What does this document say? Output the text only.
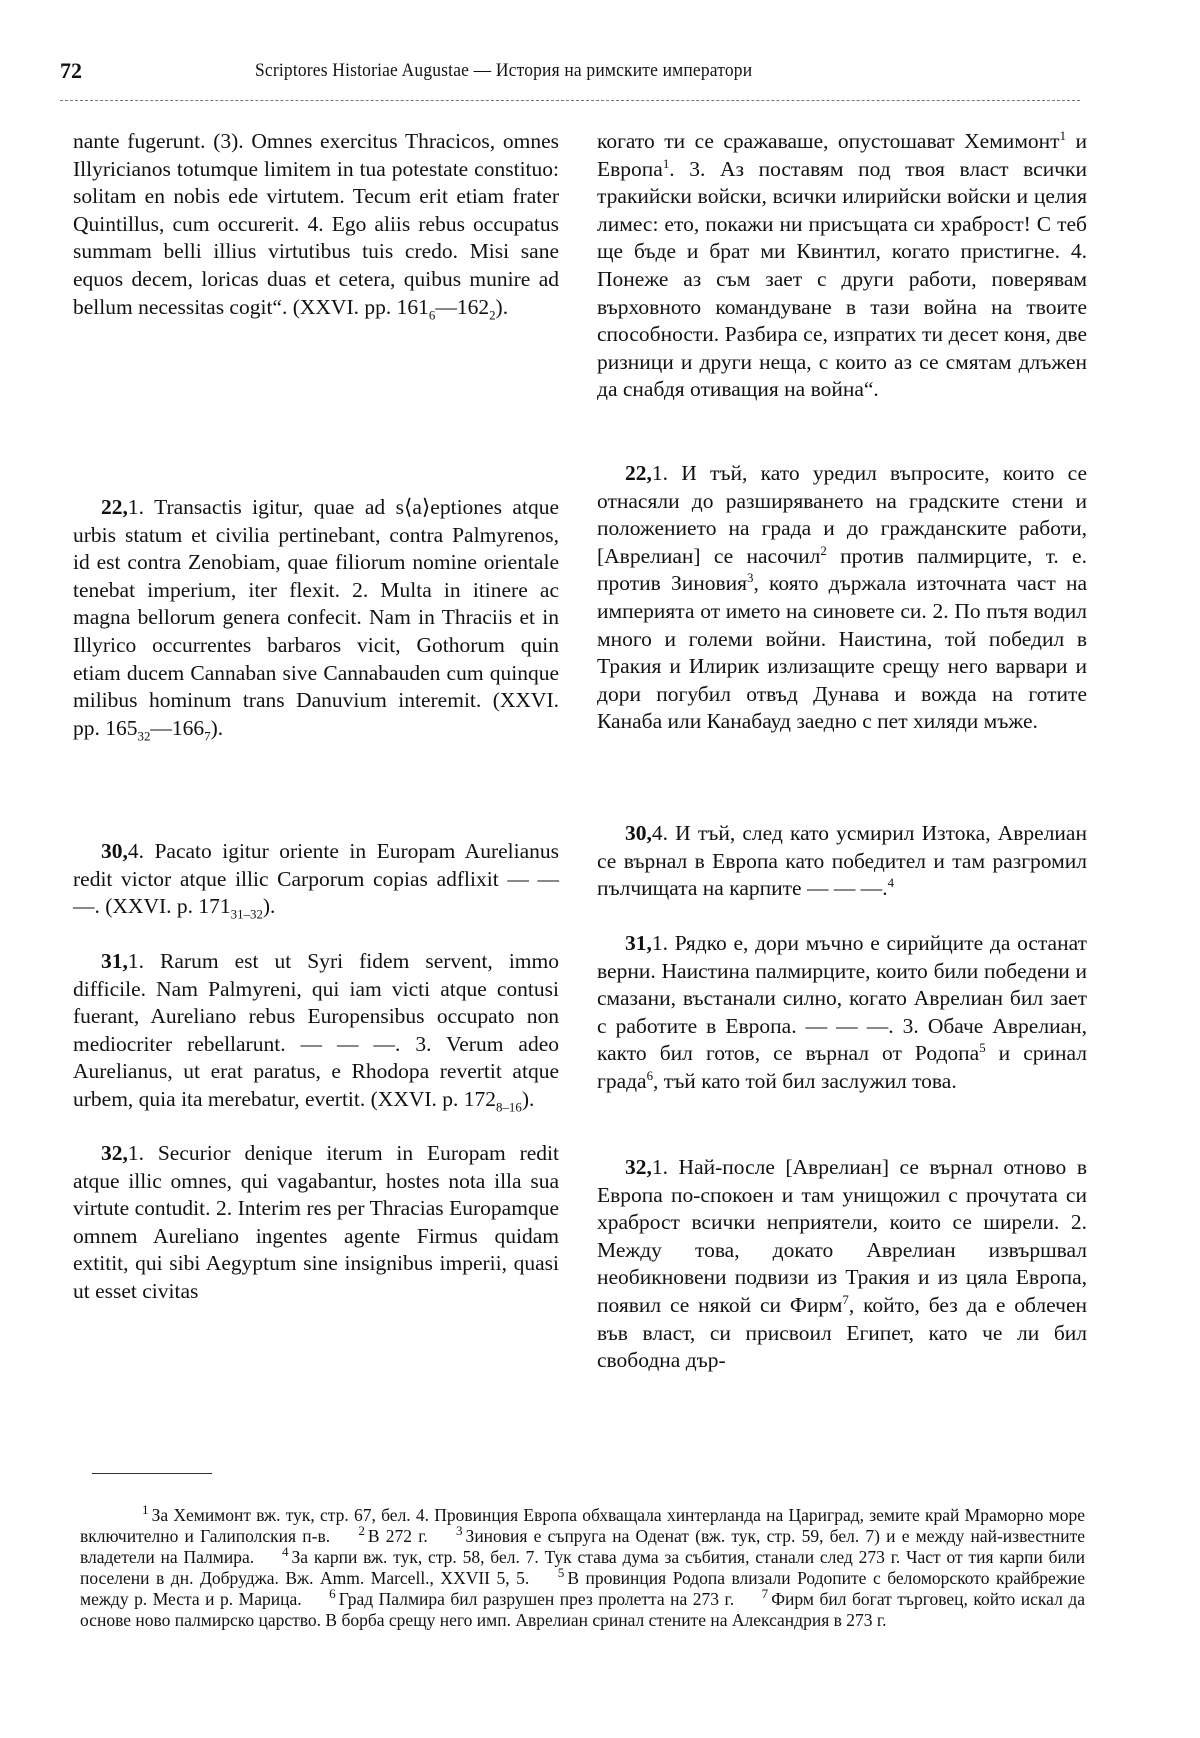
72	Scriptores Historiae Augustae — История на римските императори

nante fugerunt. (3). Omnes exercitus Thracicos, omnes Illyricianos totumque limitem in tua potestate constituo: solitam en nobis ede virtutem. Tecum erit etiam frater Quintillus, cum occurerit. 4. Ego aliis rebus occupatus summam belli illius virtutibus tuis credo. Misi sane equos decem, loricas duas et cetera, quibus munire ad bellum necessitas cogit“. (XXVI. pp. $161_6—162_2$).

22,1. Transactis igitur, quae ad s⟨a⟩eptiones atque urbis statum et civilia pertinebant, contra Palmyrenos, id est contra Zenobiam, quae filiorum nomine orientale tenebat imperium, iter flexit. 2. Multa in itinere ac magna bellorum genera confecit. Nam in Thraciis et in Illyrico occurrentes barbaros vicit, Gothorum quin etiam ducem Cannaban sive Cannabauden cum quinque milibus hominum trans Danuvium interemit. (XXVI. pp. $165_{32}—166_7$).

30,4. Pacato igitur oriente in Europam Aurelianus redit victor atque illic Carporum copias adflixit — — —. (XXVI. p. $171_{31-32}$).

31,1. Rarum est ut Syri fidem servent, immo difficile. Nam Palmyreni, qui iam victi atque contusi fuerant, Aureliano rebus Europensibus occupato non mediocriter rebellarunt. — — —. 3. Verum adeo Aurelianus, ut erat paratus, e Rhodopa revertit atque urbem, quia ita merebatur, evertit. (XXVI. p. $172_{8-16}$).

32,1. Securior denique iterum in Europam redit atque illic omnes, qui vagabantur, hostes nota illa sua virtute contudit. 2. Interim res per Thracias Europamque omnem Aureliano ingentes agente Firmus quidam extitit, qui sibi Aegyptum sine insignibus imperii, quasi ut esset civitas

когато ти се сражаваше, опустошават Хемимонт$^1$ и Европа$^1$. 3. Аз поставям под твоя власт всички тракийски войски, всички илирийски войски и целия лимес: ето, покажи ни присъщата си храброст! С теб ще бъде и брат ми Квинтил, когато пристигне. 4. Понеже аз съм зает с други работи, поверявам върховното командуване в тази война на твоите способности. Разбира се, изпратих ти десет коня, две ризници и други неща, с които аз се смятам длъжен да снабдя отиващия на война“.

22,1. И тъй, като уредил въпросите, които се отнасяли до разширяването на градските стени и положението на града и до гражданските работи, [Аврелиан] се насочил$^2$ против палмирците, т. е. против Зиновия$^3$, която държала източната част на империята от името на синовете си. 2. По пътя водил много и големи войни. Наистина, той победил в Тракия и Илирик излизащите срещу него варвари и дори погубил отвъд Дунава и вожда на готите Канаба или Канабауд заедно с пет хиляди мъже.

30,4. И тъй, след като усмирил Изтока, Аврелиан се върнал в Европа като победител и там разгромил пълчищата на карпите — — —.$^4$

31,1. Рядко е, дори мъчно е сирийците да останат верни. Наистина палмирците, които били победени и смазани, въстанали силно, когато Аврелиан бил зает с работите в Европа. — — —. 3. Обаче Аврелиан, както бил готов, се върнал от Родопа$^5$ и сринал града$^6$, тъй като той бил заслужил това.

32,1. Най-после [Аврелиан] се върнал отново в Европа по-спокоен и там унищожил с прочутата си храброст всички неприятели, които се ширели. 2. Между това, докато Аврелиан извършвал необикновени подвизи из Тракия и из цяла Европа, появил се някой си Фирм$^7$, който, без да е облечен във власт, си присвоил Египет, като че ли бил свободна дър-

$^1$ За Хемимонт вж. тук, стр. 67, бел. 4. Провинция Европа обхващала хинтерланда на Цариград, земите край Мраморно море включително и Галиполския п-в. $^2$ В 272 г. $^3$ Зиновия е съпруга на Оденат (вж. тук, стр. 59, бел. 7) и е между най-известните владетели на Палмира. $^4$ За карпи вж. тук, стр. 58, бел. 7. Тук става дума за събития, станали след 273 г. Част от тия карпи били поселени в дн. Добруджа. Вж. Amm. Marcell., XXVII 5, 5. $^5$ В провинция Родопа влизали Родопите с беломорското крайбрежие между р. Места и р. Марица. $^6$ Град Палмира бил разрушен през пролетта на 273 г. $^7$ Фирм бил богат търговец, който искал да основе ново палмирско царство. В борба срещу него имп. Аврелиан сринал стените на Александрия в 273 г.
